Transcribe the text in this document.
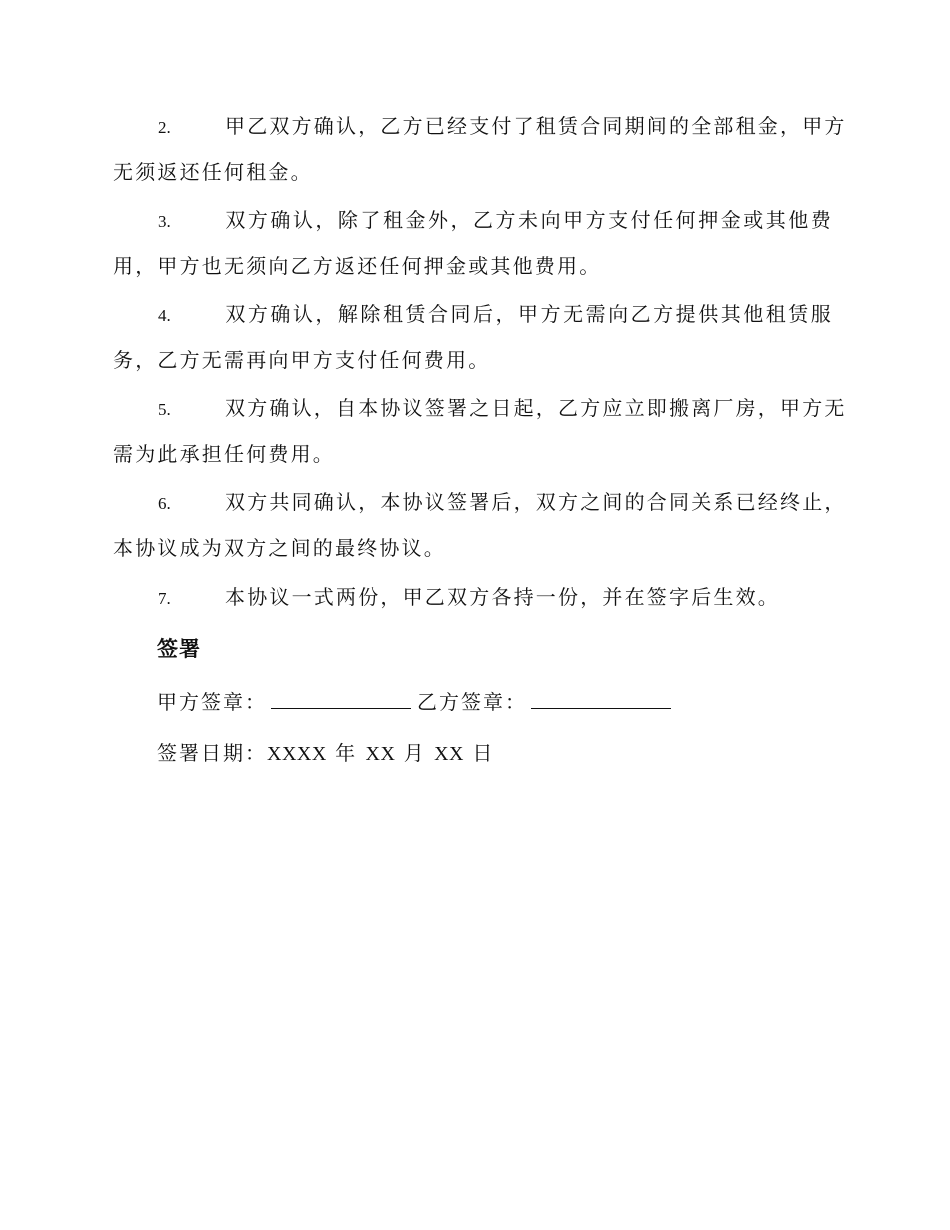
2.	甲乙双方确认，乙方已经支付了租赁合同期间的全部租金，甲方
无须返还任何租金。
3.	双方确认，除了租金外，乙方未向甲方支付任何押金或其他费
用，甲方也无须向乙方返还任何押金或其他费用。
4.	双方确认，解除租赁合同后，甲方无需向乙方提供其他租赁服
务，乙方无需再向甲方支付任何费用。
5.	双方确认，自本协议签署之日起，乙方应立即搬离厂房，甲方无
需为此承担任何费用。
6.	双方共同确认，本协议签署后，双方之间的合同关系已经终止，
本协议成为双方之间的最终协议。
7.	本协议一式两份，甲乙双方各持一份，并在签字后生效。
签署
甲方签章：	乙方签章：
签署日期：XXXX 年 XX 月 XX 日
